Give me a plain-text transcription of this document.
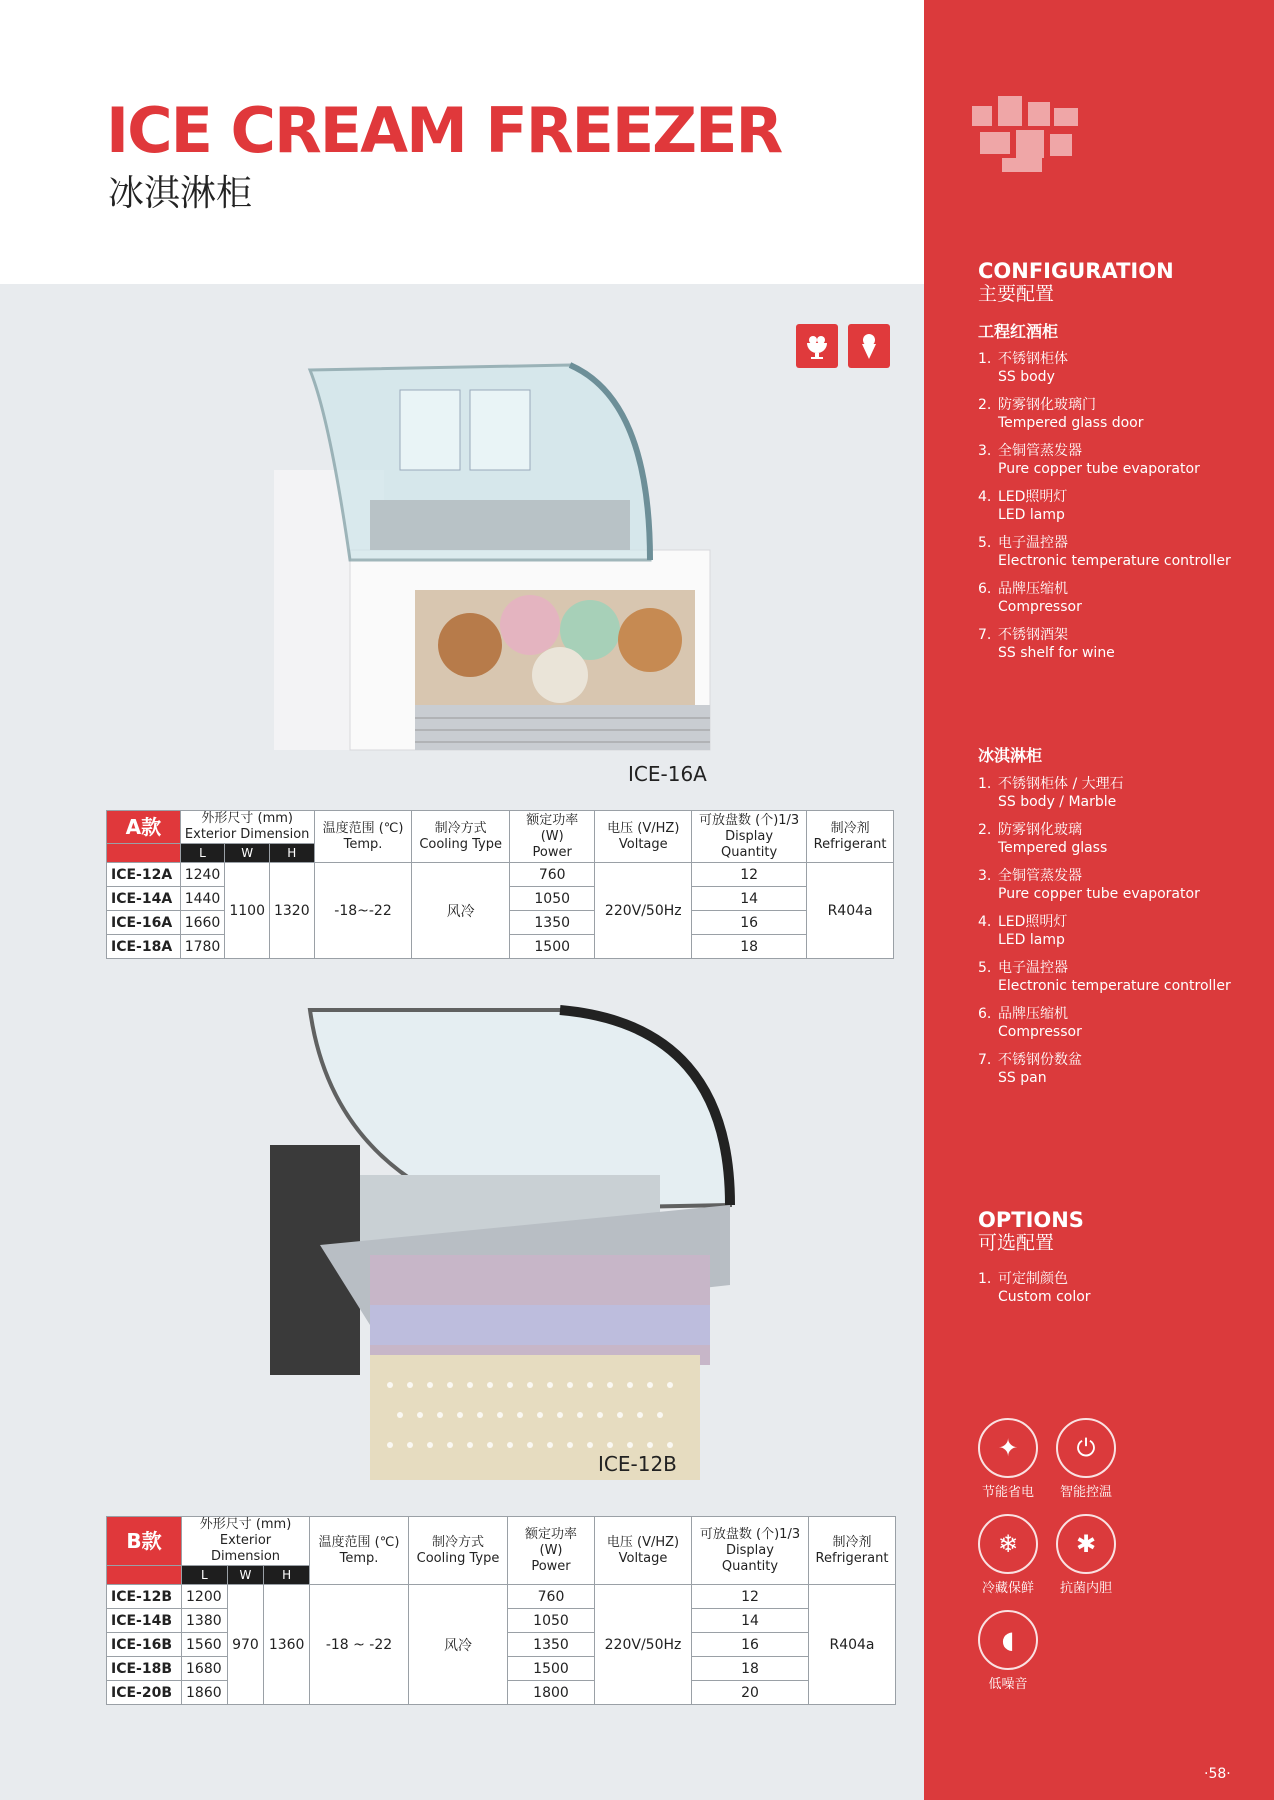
ICE CREAM FREEZER
冰淇淋柜
ICE-16A
A款	外形尺寸 (mm)
Exterior Dimension			温度范围 (℃)
Temp.	制冷方式
Cooling Type	额定功率 (W)
Power	电压 (V/HZ)
Voltage	可放盘数 (个)1/3
Display Quantity	制冷剂
Refrigerant

	L	W	H						
ICE-12A	1240	1100	1320	-18~-22	风冷	760	220V/50Hz	12	R404a
ICE-14A	1440					1050		14	
ICE-16A	1660					1350		16	
ICE-18A	1780					1500		18	
ICE-12B
B款	外形尺寸 (mm)
Exterior Dimension			温度范围 (℃)
Temp.	制冷方式
Cooling Type	额定功率 (W)
Power	电压 (V/HZ)
Voltage	可放盘数 (个)1/3
Display Quantity	制冷剂
Refrigerant

	L	W	H						
ICE-12B	1200	970	1360	-18 ~ -22	风冷	760	220V/50Hz	12	R404a
ICE-14B	1380					1050		14	
ICE-16B	1560					1350		16	
ICE-18B	1680					1500		18	
ICE-20B	1860					1800		20	
CONFIGURATION
主要配置
工程红酒柜
1. 不锈钢柜体
SS body
2. 防雾钢化玻璃门
Tempered glass door
3. 全铜管蒸发器
Pure copper tube evaporator
4. LED照明灯
LED lamp
5. 电子温控器
Electronic temperature controller
6. 品牌压缩机
Compressor
7. 不锈钢酒架
SS shelf for wine
冰淇淋柜
1. 不锈钢柜体 / 大理石
SS body / Marble
2. 防雾钢化玻璃
Tempered glass
3. 全铜管蒸发器
Pure copper tube evaporator
4. LED照明灯
LED lamp
5. 电子温控器
Electronic temperature controller
6. 品牌压缩机
Compressor
7. 不锈钢份数盆
SS pan
OPTIONS
可选配置
1. 可定制颜色
Custom color
✦
节能省电
⏻
智能控温
❄
冷藏保鲜
✱
抗菌内胆
◖
低噪音
·58·
